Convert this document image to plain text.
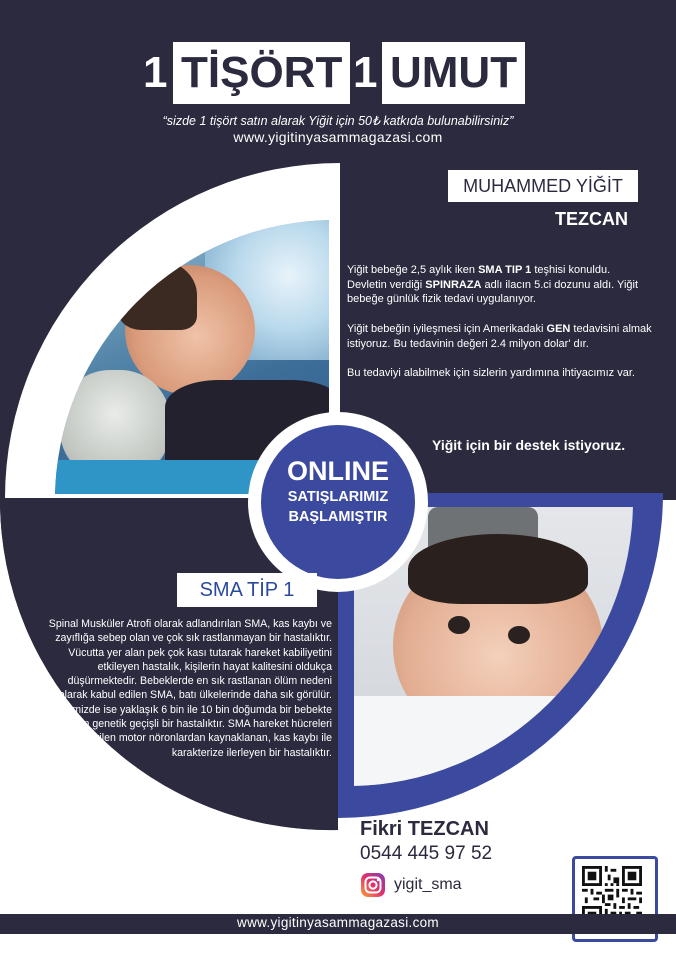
1 TİŞÖRT 1 UMUT
“sizde 1 tişört satın alarak Yiğit için 50₺ katkıda bulunabilirsiniz”
www.yigitinyasammagazasi.com
MUHAMMED YİĞİT
TEZCAN
Yiğit bebeğe 2,5 aylık iken SMA TIP 1 teşhisi konuldu. Devletin verdiği SPINRAZA adlı ilacın 5.ci dozunu aldı. Yiğit bebeğe günlük fizik tedavi uygulanıyor.
Yiğit bebeğin iyileşmesi için Amerikadaki GEN tedavisini almak istiyoruz. Bu tedavinin değeri 2.4 milyon dolar' dır.
Bu tedaviyi alabilmek için sizlerin yardımına ihtiyacımız var.
Yiğit için bir destek istiyoruz.
ONLINE
SATIŞLARIMIZ
BAŞLAMIŞTIR
SMA TİP 1
Spinal Musküler Atrofi olarak adlandırılan SMA, kas kaybı ve zayıflığa sebep olan ve çok sık rastlanmayan bir hastalıktır. Vücutta yer alan pek çok kası tutarak hareket kabiliyetini etkileyen hastalık, kişilerin hayat kalitesini oldukça düşürmektedir. Bebeklerde en sık rastlanan ölüm nedeni olarak kabul edilen SMA, batı ülkelerinde daha sık görülür. Ülkemizde ise yaklaşık 6 bin ile 10 bin doğumda bir bebekte görülen genetik geçişli bir hastalıktır. SMA hareket hücreleri adı verilen motor nöronlardan kaynaklanan, kas kaybı ile karakterize ilerleyen bir hastalıktır.
Fikri TEZCAN
0544 445 97 52
yigit_sma
www.yigitinyasammagazasi.com
